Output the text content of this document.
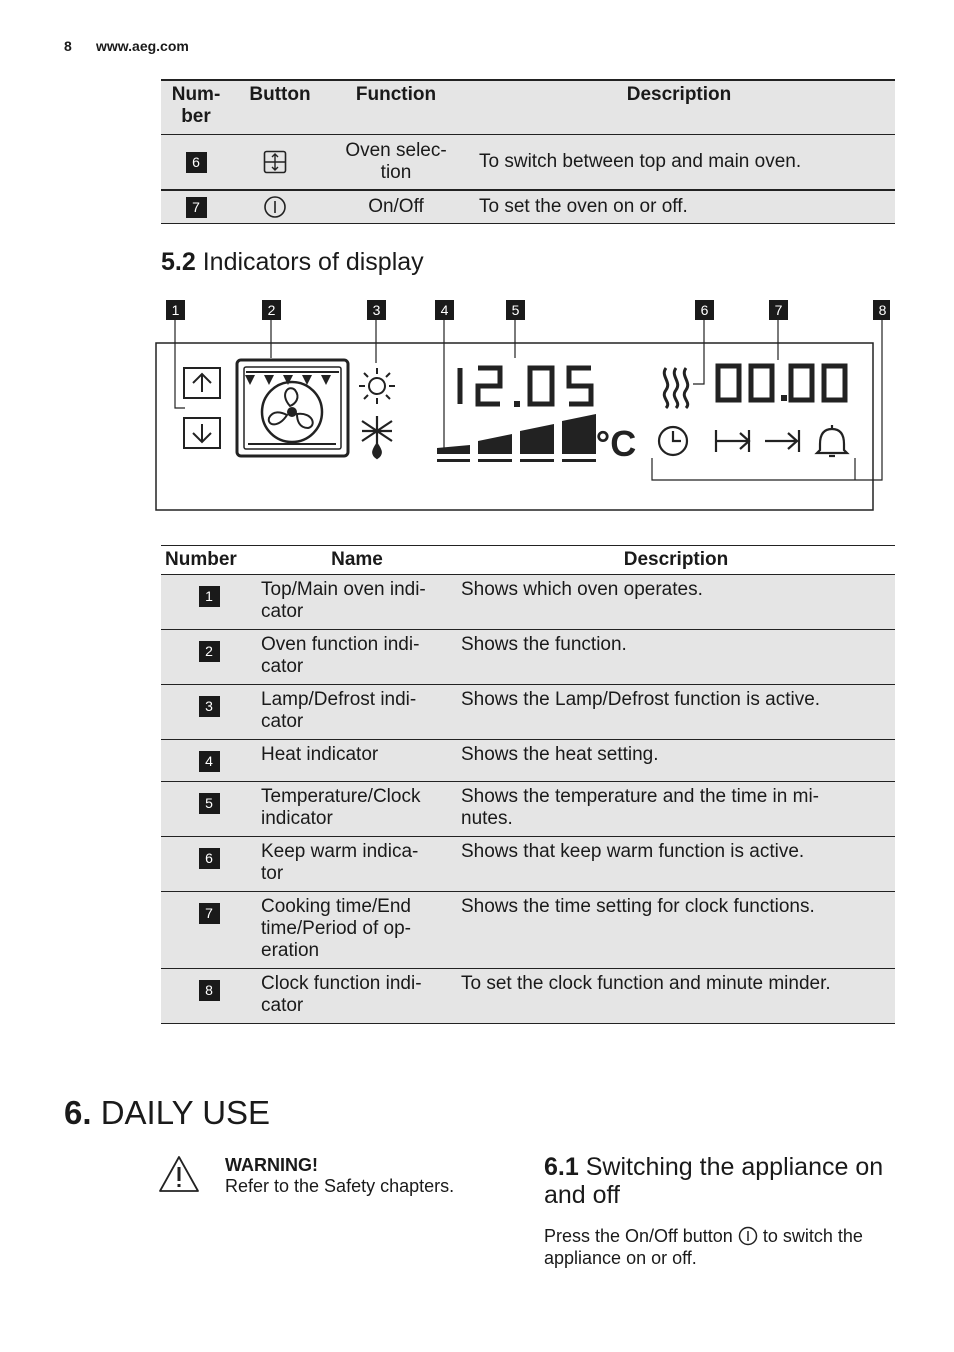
8 www.aeg.com
Num-
ber	Button	Function	Description
6		Oven selec-
tion	To switch between top and main oven.
7		On/Off	To set the oven on or off.
5.2 Indicators of display
1	2	3	4	5	6	7	8
°C
Number	Name	Description
1	Top/Main oven indi-
cator	Shows which oven operates.
2	Oven function indi-
cator	Shows the function.
3	Lamp/Defrost indi-
cator	Shows the Lamp/Defrost function is active.
4	Heat indicator	Shows the heat setting.
5	Temperature/Clock
indicator	Shows the temperature and the time in mi-
nutes.
6	Keep warm indica-
tor	Shows that keep warm function is active.
7	Cooking time/End
time/Period of op-
eration	Shows the time setting for clock functions.
8	Clock function indi-
cator	To set the clock function and minute minder.
6. DAILY USE
WARNING!
Refer to the Safety chapters.
6.1 Switching the appliance on and off
Press the On/Off button to switch the appliance on or off.
